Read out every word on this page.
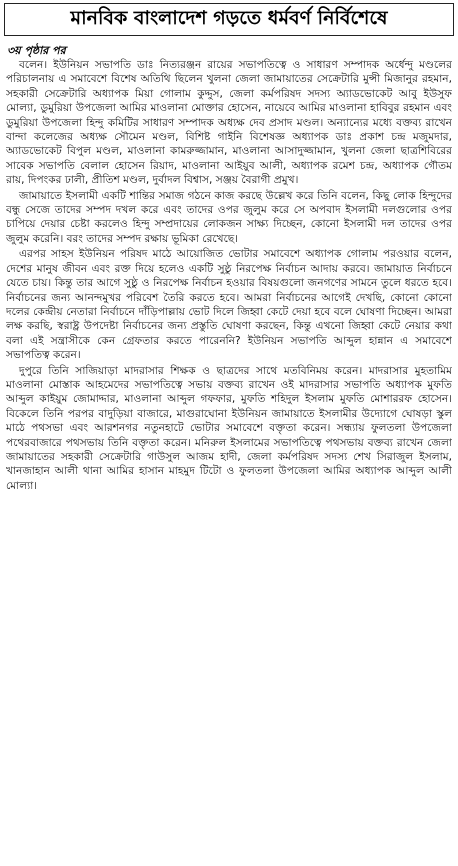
মানবিক বাংলাদেশ গড়তে ধর্মবর্ণ নির্বিশেষে
৩য় পৃষ্ঠার পর

বলেন। ইউনিয়ন সভাপতি ডাঃ নিত্যরঞ্জন রায়ের সভাপতিত্বে ও সাধারণ সম্পাদক অর্ধেন্দু মণ্ডলের পরিচালনায় এ সমাবেশে বিশেষ অতিথি ছিলেন খুলনা জেলা জামায়াতের সেক্রেটারি মুন্সী মিজানুর রহমান, সহকারী সেক্রেটারি অধ্যাপক মিয়া গোলাম কুদ্দুস, জেলা কর্মপরিষদ সদস্য অ্যাডভোকেট আবু ইউসুফ মোল্যা, ডুমুরিয়া উপজেলা আমির মাওলানা মোক্তার হোসেন, নায়েবে আমির মাওলানা হাবিবুর রহমান এবং ডুমুরিয়া উপজেলা হিন্দু কমিটির সাধারণ সম্পাদক অধ্যক্ষ দেব প্রসাদ মণ্ডল। অন্যান্যের মধ্যে বক্তব্য রাখেন বান্দা কলেজের অধ্যক্ষ সৌমেন মণ্ডল, বিশিষ্ট গাইনি বিশেষজ্ঞ অধ্যাপক ডাঃ প্রকাশ চন্দ্র মজুমদার, অ্যাডভোকেট বিপুল মণ্ডল, মাওলানা কামরুজ্জামান, মাওলানা আসাদুজ্জামান, খুলনা জেলা ছাত্রশিবিরের সাবেক সভাপতি বেলাল হোসেন রিয়াদ, মাওলানা আইয়ুব আলী, অধ্যাপক রমেশ চন্দ্র, অধ্যাপক গৌতম রায়, দিপংকর ঢালী, প্রীতিশ মণ্ডল, দুর্বাদল বিশ্বাস, সঞ্জয় বৈরাগী প্রমুখ।

জামায়াতে ইসলামী একটি শান্তির সমাজ গঠনে কাজ করছে উল্লেখ করে তিনি বলেন, কিছু লোক হিন্দুদের বন্ধু সেজে তাদের সম্পদ দখল করে এবং তাদের ওপর জুলুম করে সে অপবাদ ইসলামী দলগুলোর ওপর চাপিয়ে দেয়ার চেষ্টা করলেও হিন্দু সম্প্রদায়ের লোকজন সাক্ষ্য দিচ্ছেন, কোনো ইসলামী দল তাদের ওপর জুলুম করেনি। বরং তাদের সম্পদ রক্ষায় ভূমিকা রেখেছে।

এরপর সাহস ইউনিয়ন পরিষদ মাঠে আয়োজিত ভোটার সমাবেশে অধ্যাপক গোলাম পরওয়ার বলেন, দেশের মানুষ জীবন এবং রক্ত দিয়ে হলেও একটি সুষ্ঠু নিরপেক্ষ নির্বাচন আদায় করবে। জামায়াত নির্বাচনে যেতে চায়। কিন্তু তার আগে সুষ্ঠু ও নিরপেক্ষ নির্বাচন হওয়ার বিষয়গুলো জনগণের সামনে তুলে ধরতে হবে। নির্বাচনের জন্য আনন্দমুখর পরিবেশ তৈরি করতে হবে। আমরা নির্বাচনের আগেই দেখছি, কোনো কোনো দলের কেন্দ্রীয় নেতারা নির্বাচনে দাঁড়িপাল্লায় ভোট দিলে জিহ্বা কেটে দেয়া হবে বলে ঘোষণা দিচ্ছেন। আমরা লক্ষ করছি, স্বরাষ্ট্র উপদেষ্টা নির্বাচনের জন্য প্রস্তুতি ঘোষণা করছেন, কিন্তু এখনো জিহ্বা কেটে নেয়ার কথা বলা এই সন্ত্রাসীকে কেন গ্রেফতার করতে পারেননি? ইউনিয়ন সভাপতি আব্দুল হান্নান এ সমাবেশে সভাপতিত্ব করেন।

দুপুরে তিনি সাজিয়াড়া মাদরাসার শিক্ষক ও ছাত্রদের সাথে মতবিনিময় করেন। মাদরাসার মুহতামিম মাওলানা মোস্তাক আহমেদের সভাপতিত্বে সভায় বক্তব্য রাখেন ওই মাদরাসার সভাপতি অধ্যাপক মুফতি আব্দুল কাইয়ুম জোমাদ্দার, মাওলানা আব্দুল গফফার, মুফতি শহিদুল ইসলাম মুফতি মোশাররফ হোসেন। বিকেলে তিনি পরপর বাদুড়িয়া বাজারে, মাগুরাঘোনা ইউনিয়ন জামায়াতে ইসলামীর উদ্যোগে ঘোষড়া স্কুল মাঠে পথসভা এবং আরশনগর নতুনহাটে ভোটার সমাবেশে বক্তৃতা করেন। সন্ধ্যায় ফুলতলা উপজেলা পথেরবাজারে পথসভায় তিনি বক্তৃতা করেন। মনিরুল ইসলামের সভাপতিত্বে পথসভায় বক্তব্য রাখেন জেলা জামায়াতের সহকারী সেক্রেটারি গাউসুল আজম হাদী, জেলা কর্মপরিষদ সদস্য শেখ সিরাজুল ইসলাম, খানজাহান আলী থানা আমির হাসান মাহমুদ টিটো ও ফুলতলা উপজেলা আমির অধ্যাপক আব্দুল আলী মোল্যা।
